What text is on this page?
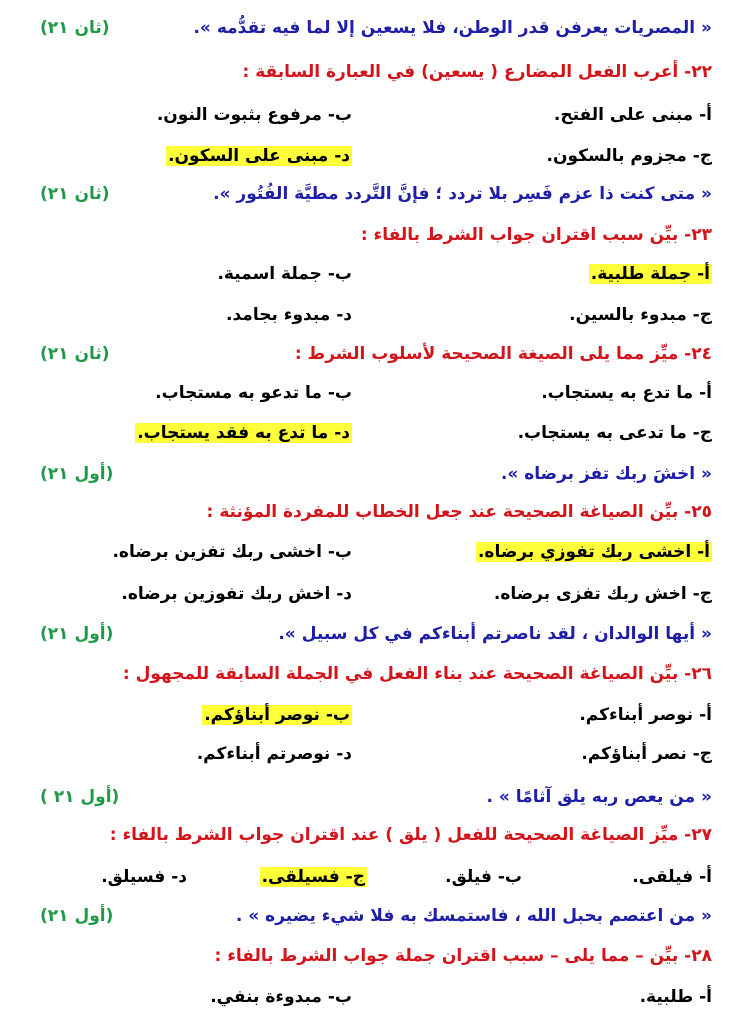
« المصريات يعرفن قدر الوطن، فلا يسعين إلا لما فيه تقدُّمه ».
(ثان ٢١)
٢٢- أعرب الفعل المضارع ( يسعين) في العبارة السابقة :
أ- مبنى على الفتح.
ب- مرفوع بثبوت النون.
ج- مجزوم بالسكون.
د- مبنى على السكون.
« متى كنت ذا عزم فَسِر بلا تردد ؛ فإنَّ التَّردد مطيَّة الفُتُور ».
(ثان ٢١)
٢٣- بيِّن سبب اقتران جواب الشرط بالفاء :
أ- جملة طلبية.
ب- جملة اسمية.
ج- مبدوء بالسين.
د- مبدوء بجامد.
٢٤- ميِّز مما يلى الصيغة الصحيحة لأسلوب الشرط :
(ثان ٢١)
أ- ما تدع به يستجاب.
ب- ما تدعو به مستجاب.
ج- ما تدعى به يستجاب.
د- ما تدع به فقد يستجاب.
« اخشَ ربك تفز برضاه ».
(أول ٢١)
٢٥- بيِّن الصياغة الصحيحة عند جعل الخطاب للمفردة المؤنثة :
أ- اخشى ربك تفوزي برضاه.
ب- اخشى ربك تفزين برضاه.
ج- اخش ربك تفزى برضاه.
د- اخش ربك تفوزين برضاه.
« أيها الوالدان ، لقد ناصرتم أبناءكم في كل سبيل ».
(أول ٢١)
٢٦- بيِّن الصياغة الصحيحة عند بناء الفعل في الجملة السابقة للمجهول :
أ- نوصر أبناءكم.
ب- نوصر أبناؤكم.
ج- نصر أبناؤكم.
د- نوصرتم أبناءكم.
« من يعص ربه يلق آثامًا » .
(أول ٢١ )
٢٧- ميِّز الصياغة الصحيحة للفعل ( يلق ) عند اقتران جواب الشرط بالفاء :
أ- فيلقى.
ب- فيلق.
ج- فسيلقى.
د- فسيلق.
« من اعتصم بحبل الله ، فاستمسك به فلا شيء يضيره » .
(أول ٢١)
٢٨- بيِّن – مما يلى – سبب اقتران جملة جواب الشرط بالفاء :
أ- طلبية.
ب- مبدوءة بنفي.
